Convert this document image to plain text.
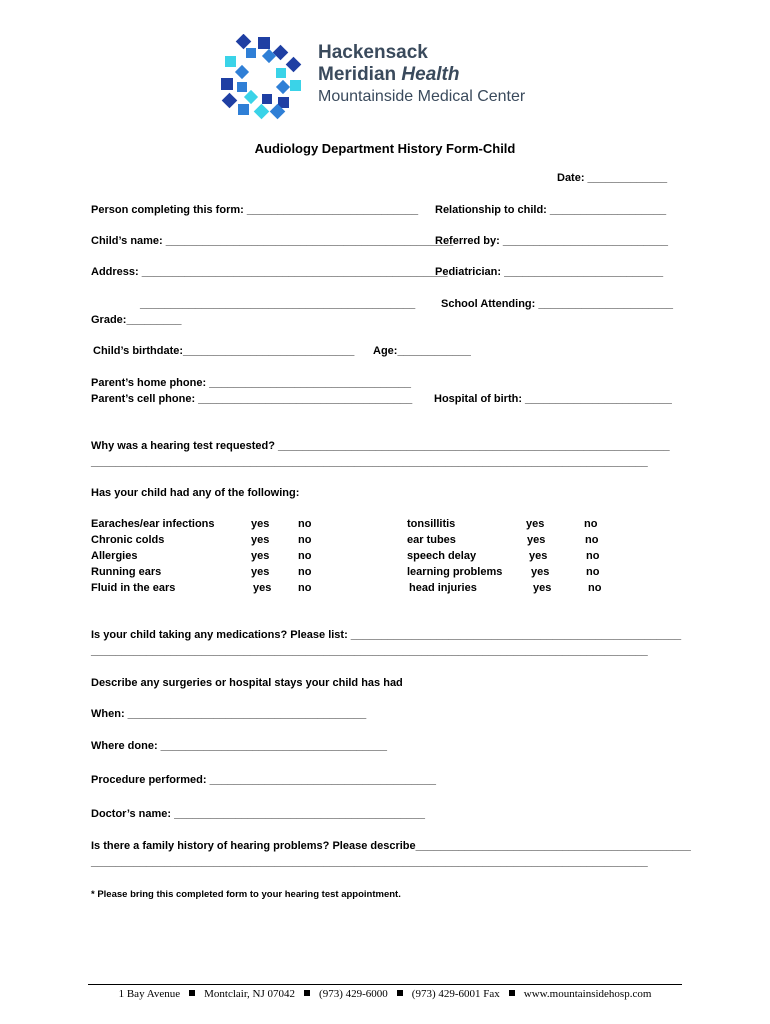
Hackensack
Meridian Health
Mountainside Medical Center
Audiology Department History Form-Child
Date: _____________
Person completing this form: ____________________________ Relationship to child: ___________________
Child’s name: _______________________________________________
Referred by: ___________________________
Address: __________________________________________________
Pediatrician: __________________________
_____________________________________________ School Attending: ______________________
Grade:_________
Child’s birthdate:____________________________ Age:____________
Parent’s home phone: _________________________________
Parent’s cell phone: ___________________________________ Hospital of birth: ________________________
Why was a hearing test requested? ________________________________________________________________
___________________________________________________________________________________________
Has your child had any of the following:
Earaches/ear infections
Chronic colds
Allergies
Running ears
Fluid in the ears
yes
yes
yes
yes
yes
no
no
no
no
no
tonsillitis
ear tubes
speech delay
learning problems
head injuries
yes
yes
yes
yes
yes
no
no
no
no
no
Is your child taking any medications? Please list: ______________________________________________________
___________________________________________________________________________________________
Describe any surgeries or hospital stays your child has had
When: _______________________________________
Where done: _____________________________________
Procedure performed: _____________________________________
Doctor’s name: _________________________________________
Is there a family history of hearing problems? Please describe_____________________________________________
___________________________________________________________________________________________
* Please bring this completed form to your hearing test appointment.
1 Bay Avenue Montclair, NJ 07042 (973) 429-6000 (973) 429-6001 Fax www.mountainsidehosp.com
